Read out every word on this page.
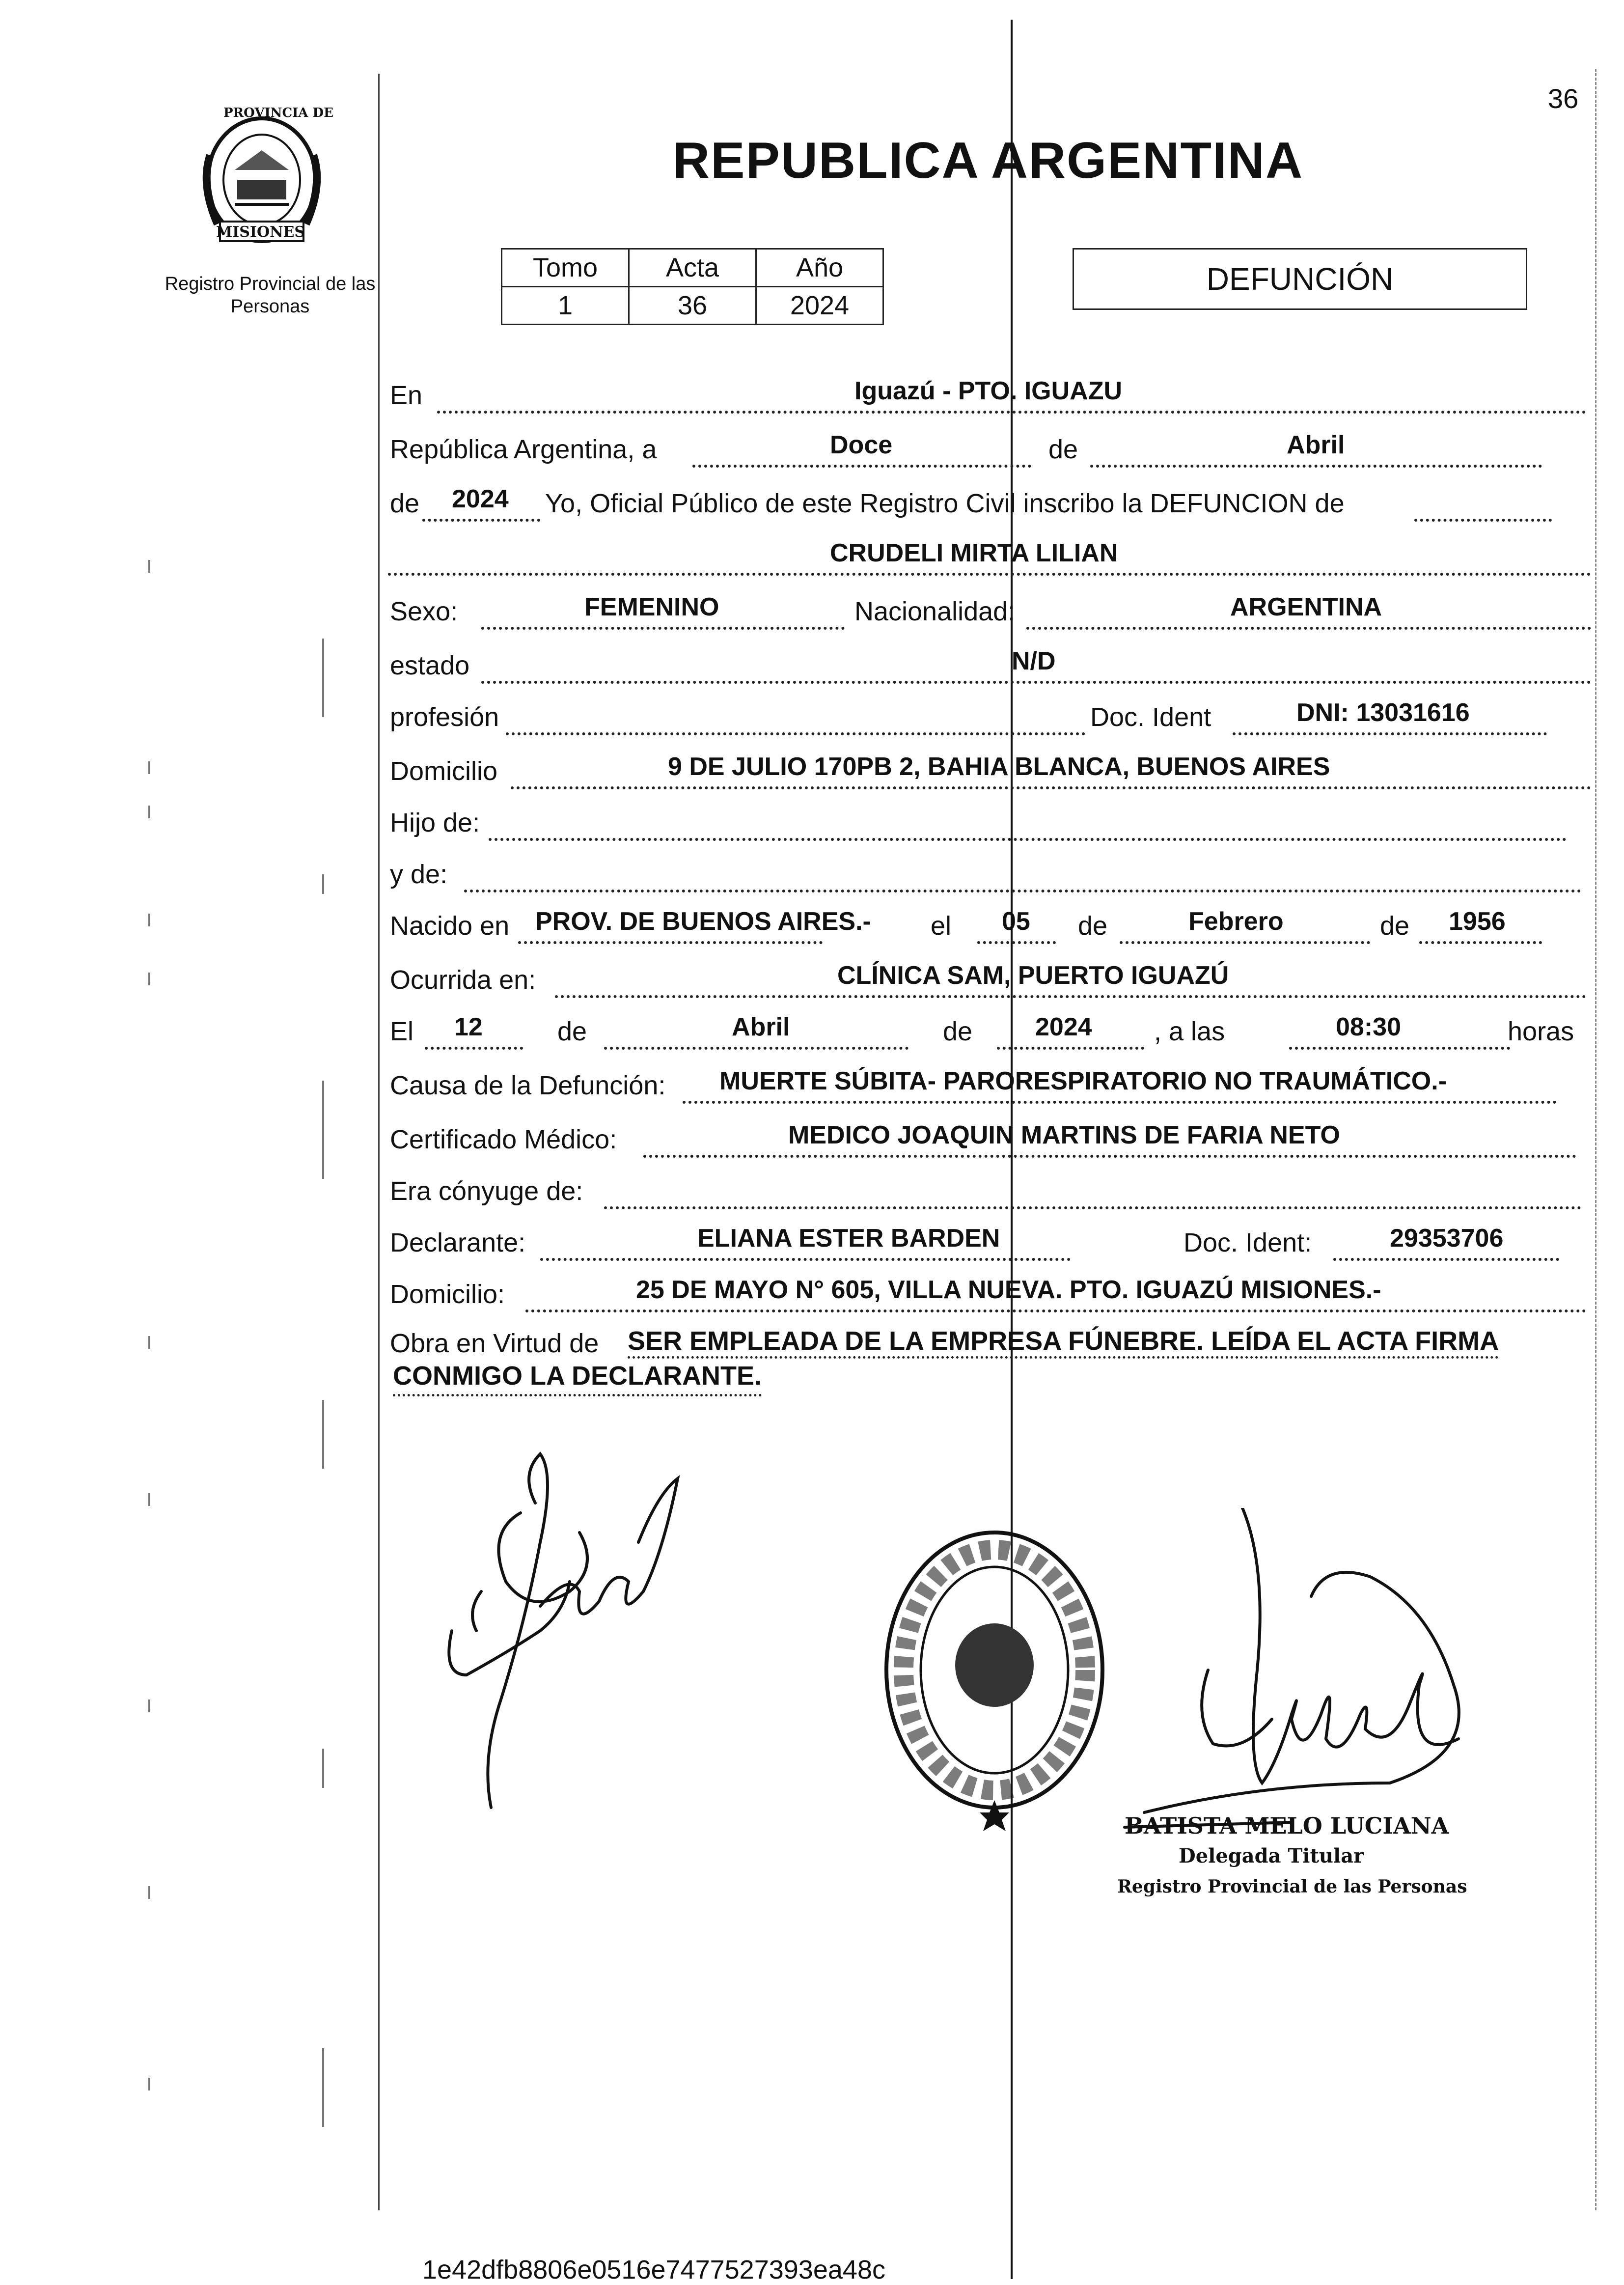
36
PROVINCIA DE
MISIONES
Registro Provincial de las Personas
REPUBLICA ARGENTINA
Tomo	Acta	Año
1	36	2024
DEFUNCIÓN
En	Iguazú - PTO. IGUAZU
República Argentina, a	Doce	de	Abril
de 2024 Yo, Oficial Público de este Registro Civil inscribo la DEFUNCION de
CRUDELI MIRTA LILIAN
Sexo:	FEMENINO	Nacionalidad:	ARGENTINA
estado	N/D
profesión	Doc. Ident	DNI: 13031616
Domicilio	9 DE JULIO 170PB 2, BAHIA BLANCA, BUENOS AIRES
Hijo de:
y de:
Nacido en PROV. DE BUENOS AIRES.- el 05 de	Febrero	de 1956
Ocurrida en:	CLÍNICA SAM, PUERTO IGUAZÚ
El 12	de	Abril	de 2024 , a las	08:30	horas
Causa de la Defunción: MUERTE SÚBITA- PARORESPIRATORIO NO TRAUMÁTICO.-
Certificado Médico:	MEDICO JOAQUIN MARTINS DE FARIA NETO
Era cónyuge de:
Declarante:	ELIANA ESTER BARDEN	Doc. Ident:	29353706
Domicilio:	25 DE MAYO N° 605, VILLA NUEVA. PTO. IGUAZÚ MISIONES.-
Obra en Virtud de SER EMPLEADA DE LA EMPRESA FÚNEBRE. LEÍDA EL ACTA FIRMA
CONMIGO LA DECLARANTE.
BATISTA MELO LUCIANA
Delegada Titular
Registro Provincial de las Personas
1e42dfb8806e0516e7477527393ea48c
